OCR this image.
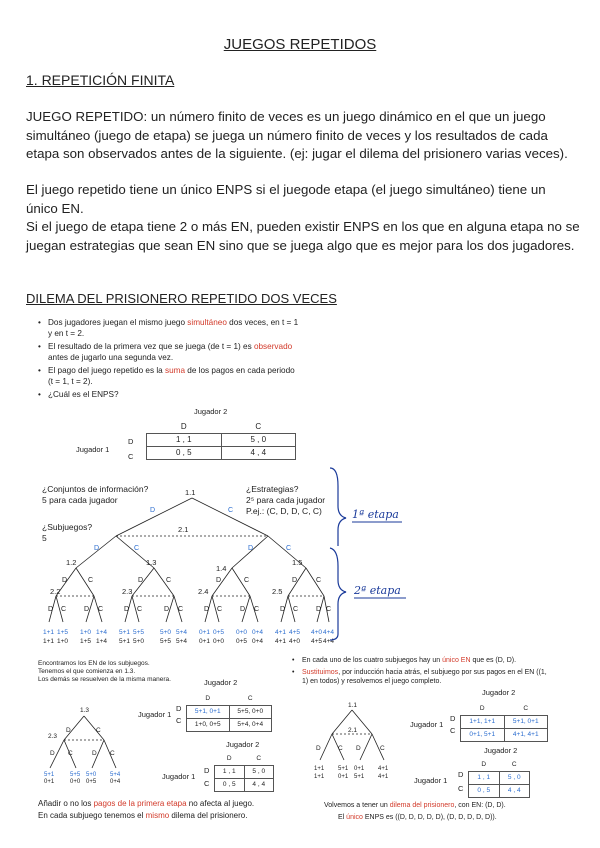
JUEGOS REPETIDOS
1. REPETICIÓN FINITA
JUEGO REPETIDO: un número finito de veces es un juego dinámico en el que un juego simultáneo (juego de etapa) se juega un número finito de veces y los resultados de cada etapa son observados antes de la siguiente. (ej: jugar el dilema del prisionero varias veces).
El juego repetido tiene un único ENPS si el juegode etapa (el juego simultáneo) tiene un único EN.
Si el juego de etapa tiene 2 o más EN, pueden existir ENPS en los que en alguna etapa no se juegan estrategias que sean EN sino que se juega algo que es mejor para los dos jugadores.
DILEMA DEL PRISIONERO REPETIDO DOS VECES
• Dos jugadores juegan el mismo juego simultáneo dos veces, en t = 1 y en t = 2.
• El resultado de la primera vez que se juega (de t = 1) es observado antes de jugarlo una segunda vez.
• El pago del juego repetido es la suma de los pagos en cada periodo (t = 1, t = 2).
• ¿Cuál es el ENPS?
Jugador 2
Jugador 1
D
C
D	C
1 , 1	5 , 0
0 , 5	4 , 4
¿Conjuntos de información?
5 para cada jugador
¿Subjuegos?
5
¿Estrategias?
2⁵ para cada jugador
P.ej.: (C, D, D, C, C)
D	C
D	C	D	C
D	C	D	C	D	C	D	C
D C	D C	D C	D C	D C	D C	D C	D C
1.1
2.1
1.2	1.3
1.4
1.5
2.2	2.3	2.4	2.5
1+1 1+5 1+0 1+4 5+1 5+5 5+0 5+4 0+1 0+5 0+0 0+4 4+1 4+5 4+0 4+4
1+1 1+0 1+5 1+4 5+1 5+0 5+5 5+4 0+1 0+0 0+5 0+4 4+1 4+0 4+5 4+4
1ª etapa
2ª etapa
Encontramos los EN de los subjuegos.
Tenemos el que comienza en 1.3.
Los demás se resuelven de la misma manera.
1.3
2.3
D	C
D C	D C
5+1	5+5 5+0 5+4
0+1	0+0 0+5 0+4
Jugador 2
Jugador 1
D
C
D	C
5+1, 0+1	5+5, 0+0
1+0, 0+5	5+4, 0+4
Jugador 2
Jugador 1
D
C
D	C
1 , 1	5 , 0
0 , 5	4 , 4
Añadir o no los pagos de la primera etapa no afecta al juego.
En cada subjuego tenemos el mismo dilema del prisionero.
• En cada uno de los cuatro subjuegos hay un único EN que es (D, D).
• Sustituimos, por inducción hacia atrás, el subjuego por sus pagos en el EN ((1, 1) en todos) y resolvemos el juego completo.
1.1
2.1
D	C D	C
1+1 5+1 0+1 4+1
1+1 0+1 5+1 4+1
Jugador 2
Jugador 1
D
C
D	C
1+1, 1+1	5+1, 0+1
0+1, 5+1	4+1, 4+1
Jugador 2
Jugador 1
D
C
D	C
1 , 1	5 , 0
0 , 5	4 , 4
Volvemos a tener un dilema del prisionero, con EN: (D, D).
El único ENPS es ((D, D, D, D, D), (D, D, D, D, D)).
